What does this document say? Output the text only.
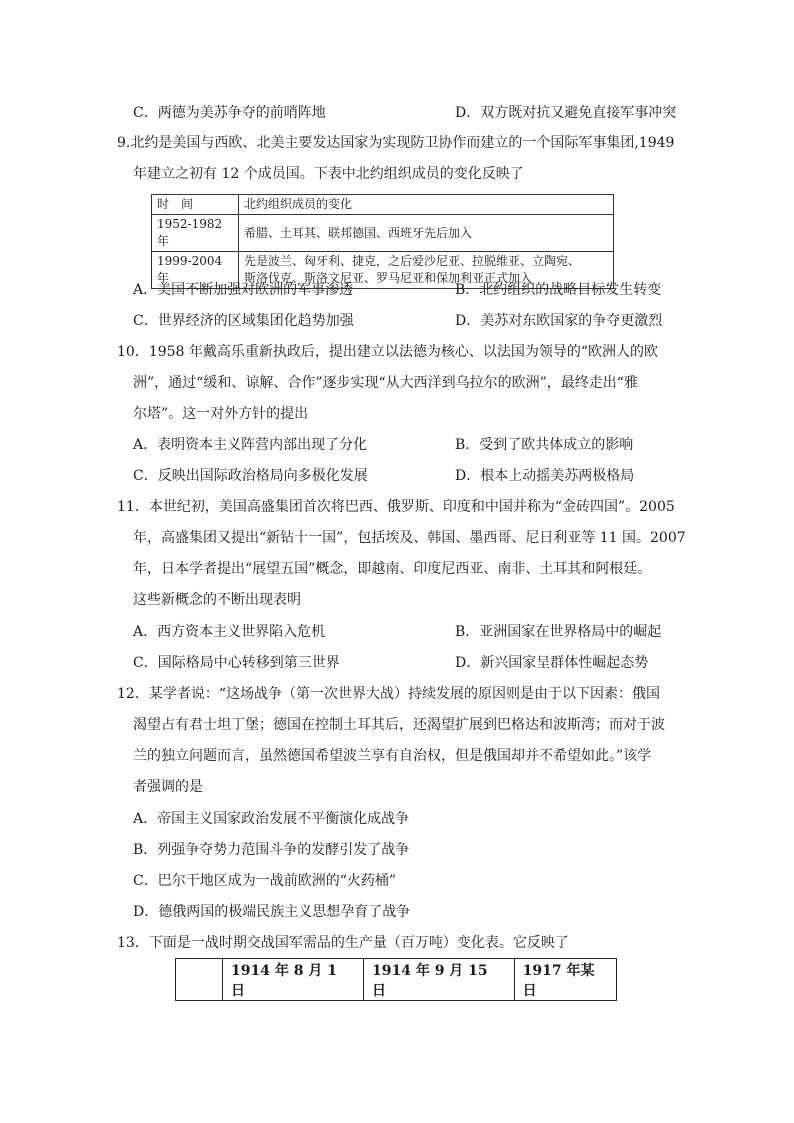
C．两德为美苏争夺的前哨阵地	D．双方既对抗又避免直接军事冲突
9.北约是美国与西欧、北美主要发达国家为实现防卫协作而建立的一个国际军事集团,1949
年建立之初有 12 个成员国。下表中北约组织成员的变化反映了
时　间	北约组织成员的变化
1952-1982 年	希腊、土耳其、联邦德国、西班牙先后加入
1999-2004 年	先是波兰、匈牙利、捷克，之后爱沙尼亚、拉脱维亚、立陶宛、
斯洛伐克、斯洛文尼亚、罗马尼亚和保加利亚正式加入
A．美国不断加强对欧洲的军事渗透	B．北约组织的战略目标发生转变
C．世界经济的区域集团化趋势加强	D．美苏对东欧国家的争夺更激烈
10．1958 年戴高乐重新执政后，提出建立以法德为核心、以法国为领导的“欧洲人的欧
洲”，通过“缓和、谅解、合作”逐步实现“从大西洋到乌拉尔的欧洲”，最终走出“雅
尔塔”。这一对外方针的提出
A．表明资本主义阵营内部出现了分化	B．受到了欧共体成立的影响
C．反映出国际政治格局向多极化发展	D．根本上动摇美苏两极格局
11．本世纪初，美国高盛集团首次将巴西、俄罗斯、印度和中国并称为“金砖四国”。2005
年，高盛集团又提出“新钻十一国”，包括埃及、韩国、墨西哥、尼日利亚等 11 国。2007
年，日本学者提出“展望五国”概念，即越南、印度尼西亚、南非、土耳其和阿根廷。
这些新概念的不断出现表明
A．西方资本主义世界陷入危机	B．亚洲国家在世界格局中的崛起
C．国际格局中心转移到第三世界	D．新兴国家呈群体性崛起态势
12．某学者说：“这场战争（第一次世界大战）持续发展的原因则是由于以下因素：俄国
渴望占有君士坦丁堡；德国在控制土耳其后，还渴望扩展到巴格达和波斯湾；而对于波
兰的独立问题而言，虽然德国希望波兰享有自治权，但是俄国却并不希望如此。”该学
者强调的是
A．帝国主义国家政治发展不平衡演化成战争
B．列强争夺势力范围斗争的发酵引发了战争
C．巴尔干地区成为一战前欧洲的“火药桶”
D．德俄两国的极端民族主义思想孕育了战争
13．下面是一战时期交战国军需品的生产量（百万吨）变化表。它反映了
	1914 年 8 月 1 日	1914 年 9 月 15 日	1917 年某日
